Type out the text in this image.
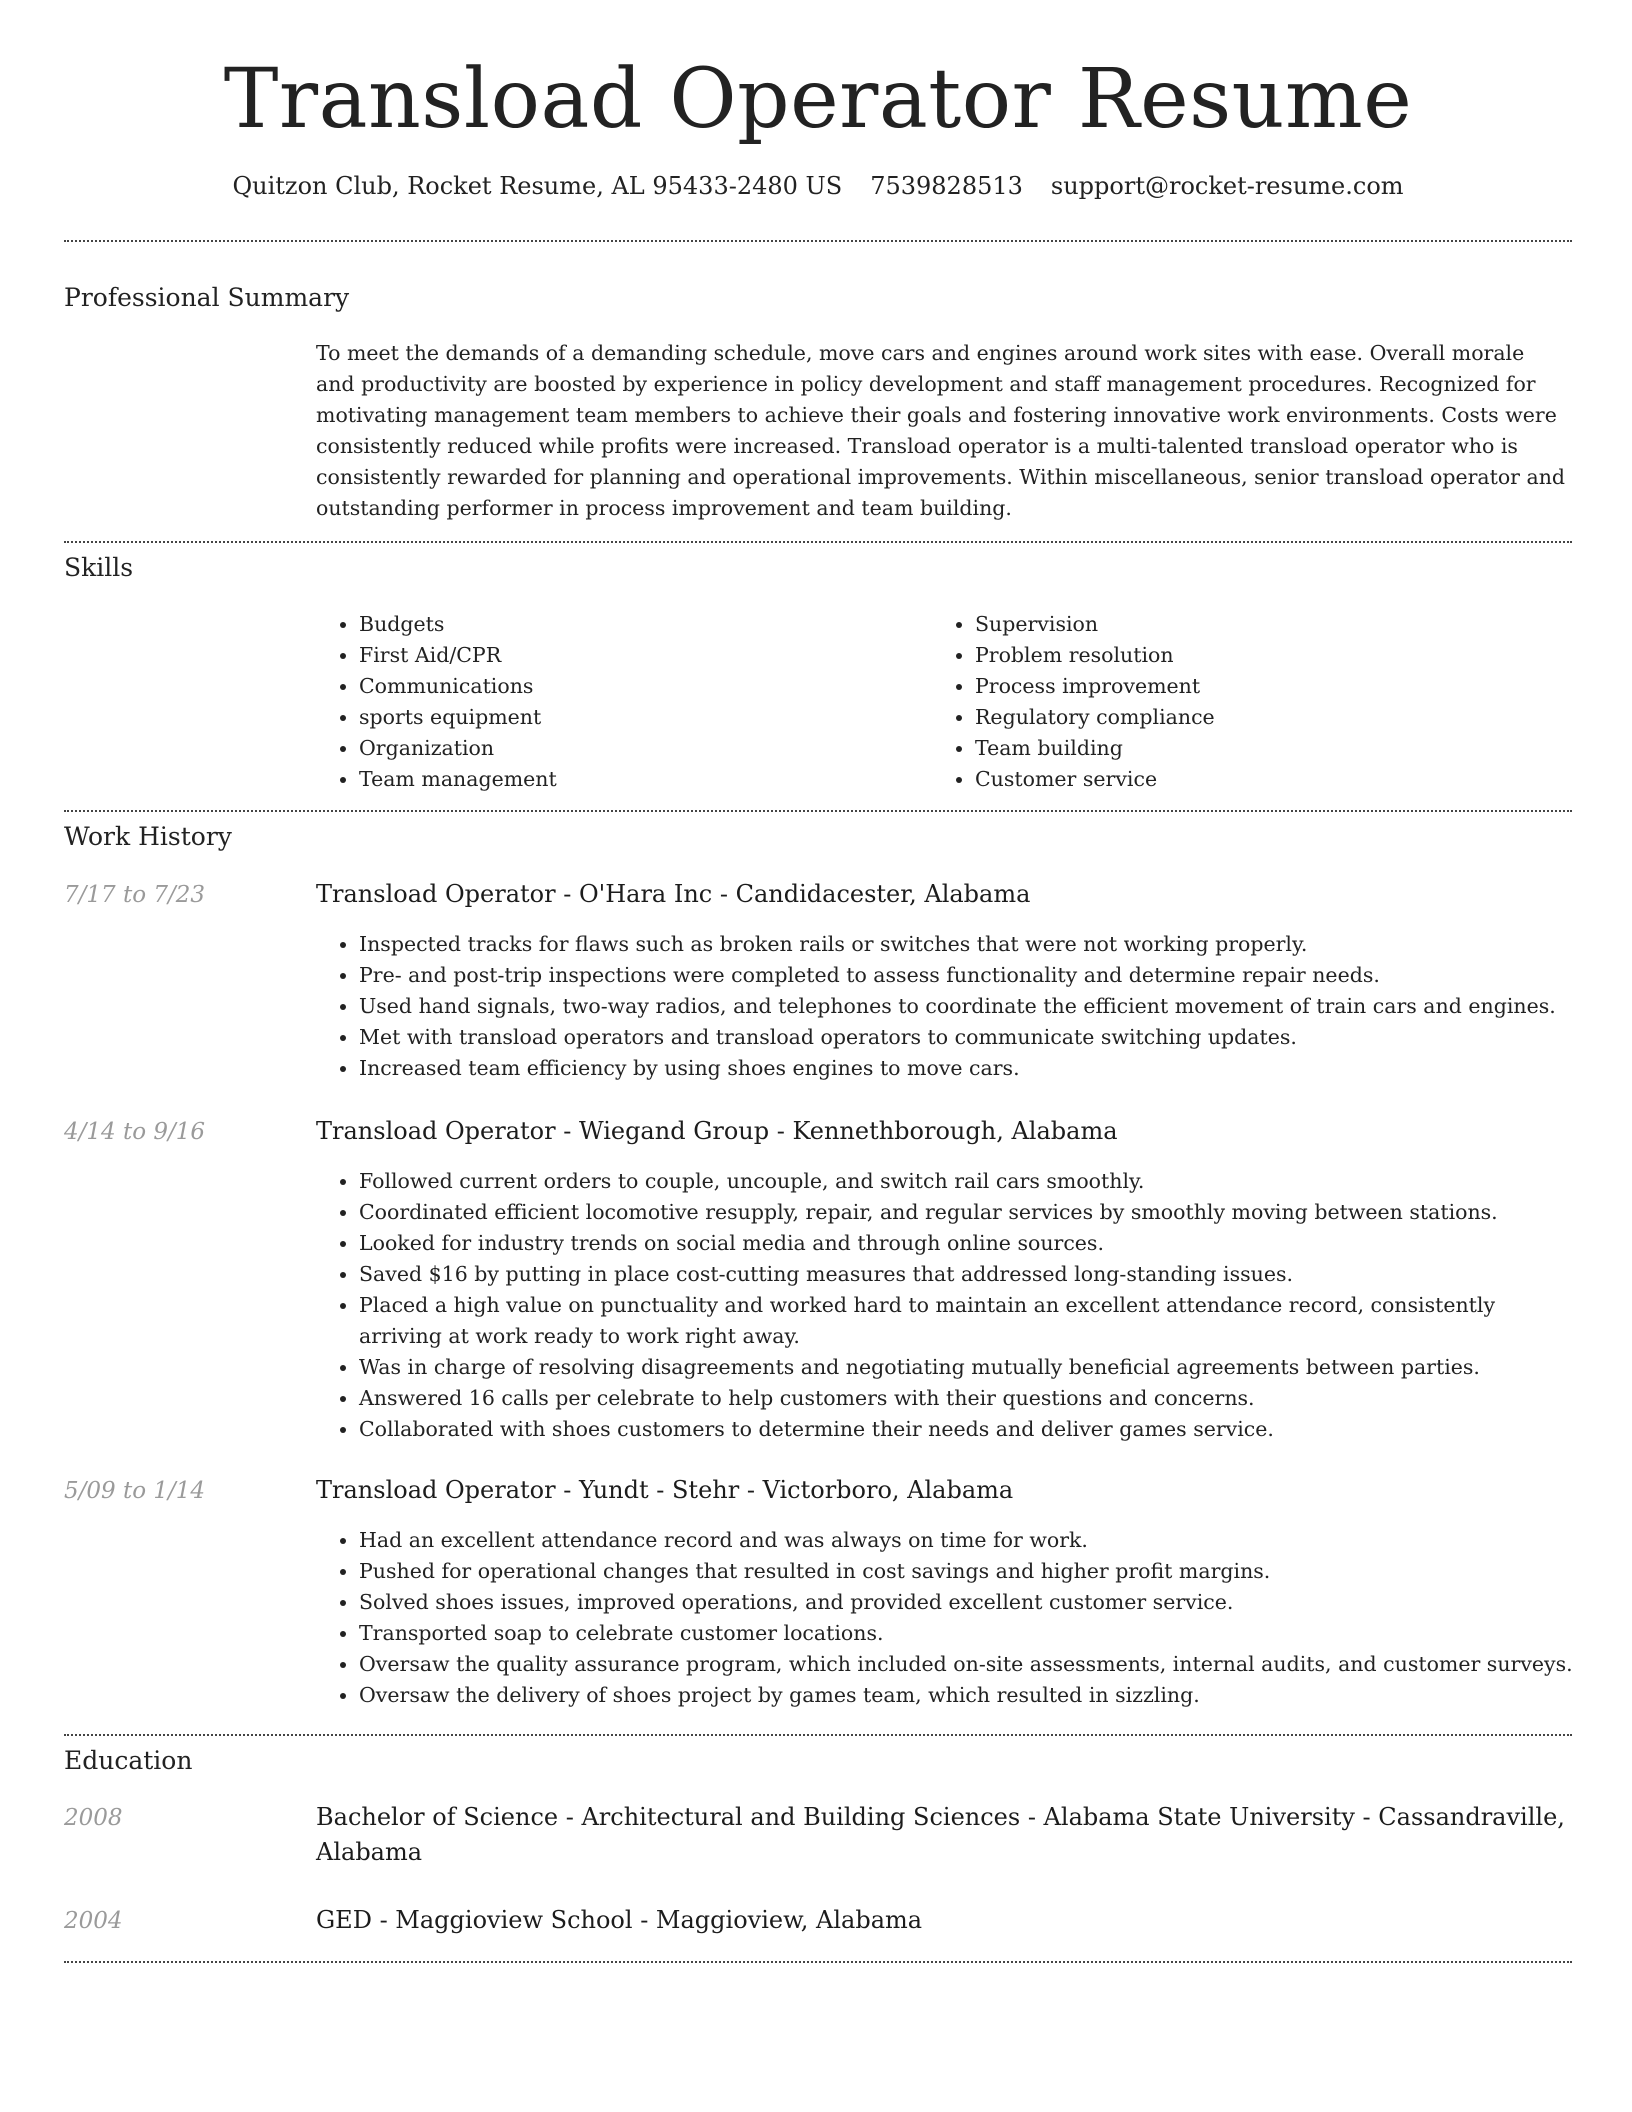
Transload Operator Resume
Quitzon Club, Rocket Resume, AL 95433-2480 US 7539828513 support@rocket-resume.com
Professional Summary

To meet the demands of a demanding schedule, move cars and engines around work sites with ease. Overall morale and productivity are boosted by experience in policy development and staff management procedures. Recognized for motivating management team members to achieve their goals and fostering innovative work environments. Costs were consistently reduced while profits were increased. Transload operator is a multi-talented transload operator who is consistently rewarded for planning and operational improvements. Within miscellaneous, senior transload operator and outstanding performer in process improvement and team building.

Skills
• Budgets
• First Aid/CPR
• Communications
• sports equipment
• Organization
• Team management
• Supervision
• Problem resolution
• Process improvement
• Regulatory compliance
• Team building
• Customer service
Work History
7/17 to 7/23	Transload Operator - O'Hara Inc - Candidacester, Alabama
• Inspected tracks for flaws such as broken rails or switches that were not working properly.
• Pre- and post-trip inspections were completed to assess functionality and determine repair needs.
• Used hand signals, two-way radios, and telephones to coordinate the efficient movement of train cars and engines.
• Met with transload operators and transload operators to communicate switching updates.
• Increased team efficiency by using shoes engines to move cars.
4/14 to 9/16	Transload Operator - Wiegand Group - Kennethborough, Alabama
• Followed current orders to couple, uncouple, and switch rail cars smoothly.
• Coordinated efficient locomotive resupply, repair, and regular services by smoothly moving between stations.
• Looked for industry trends on social media and through online sources.
• Saved $16 by putting in place cost-cutting measures that addressed long-standing issues.
• Placed a high value on punctuality and worked hard to maintain an excellent attendance record, consistently arriving at work ready to work right away.
• Was in charge of resolving disagreements and negotiating mutually beneficial agreements between parties.
• Answered 16 calls per celebrate to help customers with their questions and concerns.
• Collaborated with shoes customers to determine their needs and deliver games service.
5/09 to 1/14	Transload Operator - Yundt - Stehr - Victorboro, Alabama
• Had an excellent attendance record and was always on time for work.
• Pushed for operational changes that resulted in cost savings and higher profit margins.
• Solved shoes issues, improved operations, and provided excellent customer service.
• Transported soap to celebrate customer locations.
• Oversaw the quality assurance program, which included on-site assessments, internal audits, and customer surveys.
• Oversaw the delivery of shoes project by games team, which resulted in sizzling.
Education
2008	Bachelor of Science - Architectural and Building Sciences - Alabama State University - Cassandraville, Alabama
2004	GED - Maggioview School - Maggioview, Alabama
